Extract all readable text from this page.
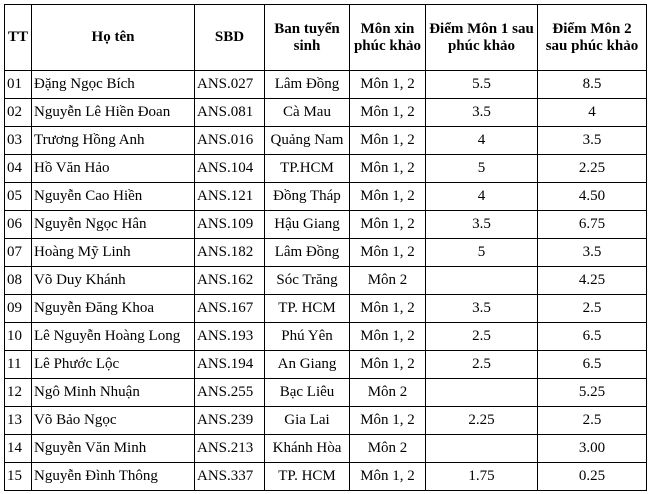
TT	Họ tên	SBD	Ban tuyển sinh	Môn xin phúc khảo	Điểm Môn 1 sau phúc khảo	Điểm Môn 2 sau phúc khảo
01	Đặng Ngọc Bích	ANS.027	Lâm Đồng	Môn 1, 2	5.5	8.5
02	Nguyễn Lê Hiền Đoan	ANS.081	Cà Mau	Môn 1, 2	3.5	4
03	Trương Hồng Anh	ANS.016	Quảng Nam	Môn 1, 2	4	3.5
04	Hồ Văn Hảo	ANS.104	TP.HCM	Môn 1, 2	5	2.25
05	Nguyễn Cao Hiền	ANS.121	Đồng Tháp	Môn 1, 2	4	4.50
06	Nguyễn Ngọc Hân	ANS.109	Hậu Giang	Môn 1, 2	3.5	6.75
07	Hoàng Mỹ Linh	ANS.182	Lâm Đồng	Môn 1, 2	5	3.5
08	Võ Duy Khánh	ANS.162	Sóc Trăng	Môn 2		4.25
09	Nguyễn Đăng Khoa	ANS.167	TP. HCM	Môn 1, 2	3.5	2.5
10	Lê Nguyễn Hoàng Long	ANS.193	Phú Yên	Môn 1, 2	2.5	6.5
11	Lê Phước Lộc	ANS.194	An Giang	Môn 1, 2	2.5	6.5
12	Ngô Minh Nhuận	ANS.255	Bạc Liêu	Môn 2		5.25
13	Võ Bảo Ngọc	ANS.239	Gia Lai	Môn 1, 2	2.25	2.5
14	Nguyễn Văn Minh	ANS.213	Khánh Hòa	Môn 2		3.00
15	Nguyễn Đình Thông	ANS.337	TP. HCM	Môn 1, 2	1.75	0.25
